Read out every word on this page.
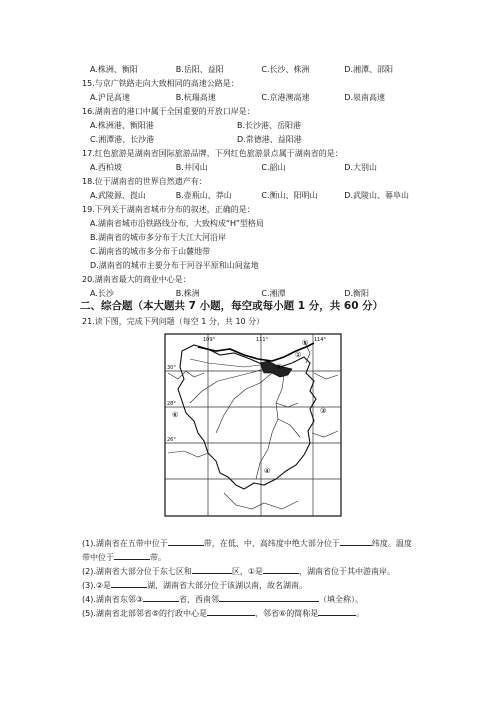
A.株洲、衡阳	B.岳阳、益阳	C.长沙、株洲	D.湘潭、邵阳
15.与京广铁路走向大致相同的高速公路是：
A.沪昆高速	B.杭瑞高速	C.京港澳高速	D.泉南高速
16.湖南省的港口中属于全国重要的开放口岸是：
A.株洲港、衡阳港	B.长沙港、岳阳港
C.湘潭港、长沙港	D.常德港、益阳港
17.红色旅游是湖南省国际旅游品牌，下列红色旅游景点属于湖南省的是：
A.西柏坡	B.井冈山	C.韶山	D.大别山
18.位于湖南省的世界自然遗产有：
A.武陵源、崀山	B.壶瓶山、莽山	C.衡山、阳明山	D.武陵山、幕阜山
19.下列关于湖南省城市分布的叙述，正确的是：
A.湖南省城市沿铁路线分布，大致构成“H”型格局
B.湖南省的城市多分布于大江大河沿岸
C.湖南省的城市多分布于山麓地带
D.湖南省的城市主要分布于河谷平原和山间盆地
20.湖南省最大的商业中心是：
A.长沙	B.株洲	C.湘潭	D.衡阳
二、综合题（本大题共 7 小题，每空或每小题 1 分，共 60 分）
21.读下图，完成下列问题（每空 1 分，共 10 分）
109°	111°	114°
30°
28°
26°
①
②
③
④
⑤
⑥
(1).湖南省在五带中位于	带，在低、中、高纬度中绝大部分位于	纬度。温度
带中位于	带。
(2).湖南省大部分位于东七区和	区，①是	，湖南省位于其中游南岸。
(3).②是	湖，湖南省大部分位于该湖以南，故名湖南。
(4).湖南省东邻③	省，西南邻	（填全称）。
(5).湖南省北部邻省⑤的行政中心是	，邻省⑥的简称是	。
